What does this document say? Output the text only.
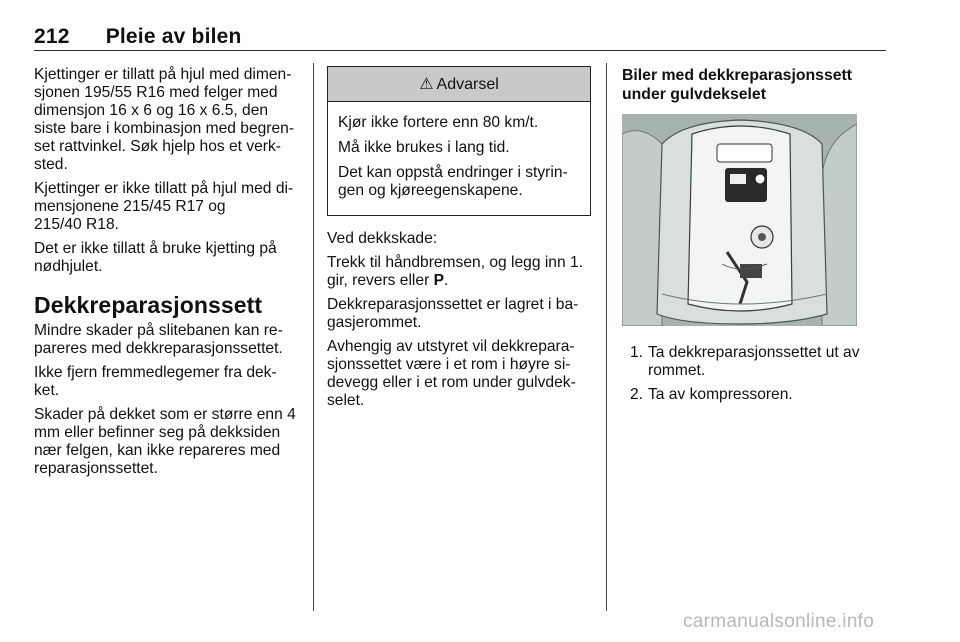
212 Pleie av bilen

Kjettinger er tillatt på hjul med dimen-sjonen 195/55 R16 med felger med dimensjon 16 x 6 og 16 x 6.5, den siste bare i kombinasjon med begren-set rattvinkel. Søk hjelp hos et verk-sted.

Kjettinger er ikke tillatt på hjul med di-mensjonene 215/45 R17 og
215/40 R18.

Det er ikke tillatt å bruke kjetting på nødhjulet.

Dekkreparasjonssett

Mindre skader på slitebanen kan re-pareres med dekkreparasjonssettet.

Ikke fjern fremmedlegemer fra dek-ket.

Skader på dekket som er større enn 4 mm eller befinner seg på dekksiden nær felgen, kan ikke repareres med reparasjonssettet.

⚠ Advarsel

Kjør ikke fortere enn 80 km/t.

Må ikke brukes i lang tid.

Det kan oppstå endringer i styrin-gen og kjøreegenskapene.

Ved dekkskade:

Trekk til håndbremsen, og legg inn 1. gir, revers eller P.

Dekkreparasjonssettet er lagret i ba-gasjerommet.

Avhengig av utstyret vil dekkrepara-sjonssettet være i et rom i høyre si-devegg eller i et rom under gulvdek-selet.

Biler med dekkreparasjonssett under gulvdekselet
1. Ta dekkreparasjonssettet ut av rommet.
2. Ta av kompressoren.
carmanualsonline.info
